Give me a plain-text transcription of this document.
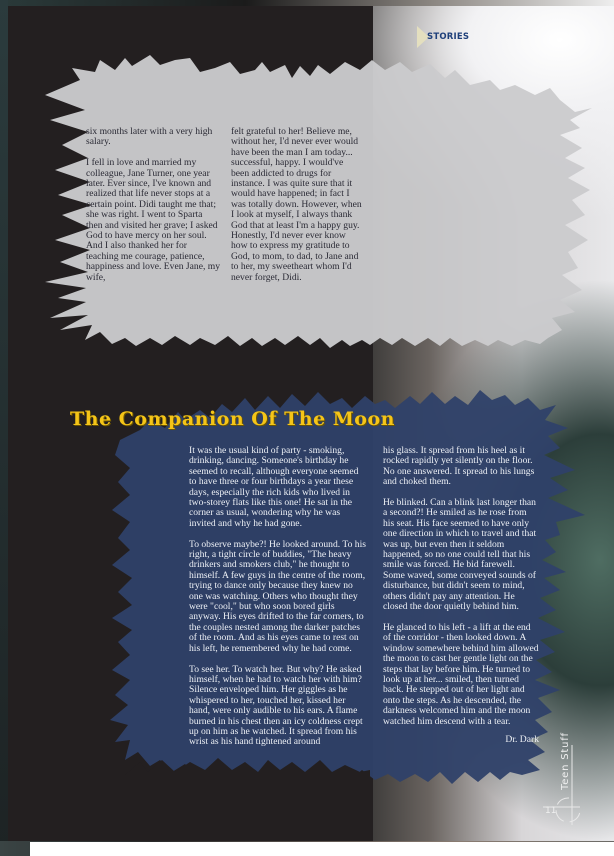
STORIES

six months later with a very high salary.

I fell in love and married my colleague, Jane Turner, one year later. Ever since, I've known and realized that life never stops at a certain point. Didi taught me that; she was right. I went to Sparta then and visited her grave; I asked God to have mercy on her soul. And I also thanked her for teaching me courage, patience, happiness and love. Even Jane, my wife,

felt grateful to her! Believe me, without her, I'd never ever would have been the man I am today... successful, happy. I would've been addicted to drugs for instance. I was quite sure that it would have happened; in fact I was totally down. However, when I look at myself, I always thank God that at least I'm a happy guy. Honestly, I'd never ever know how to express my gratitude to God, to mom, to dad, to Jane and to her, my sweetheart whom I'd never forget, Didi.

The Companion Of The Moon

It was the usual kind of party - smoking, drinking, dancing. Someone's birthday he seemed to recall, although everyone seemed to have three or four birthdays a year these days, especially the rich kids who lived in two-storey flats like this one! He sat in the corner as usual, wondering why he was invited and why he had gone.

To observe maybe?! He looked around. To his right, a tight circle of buddies, "The heavy drinkers and smokers club," he thought to himself. A few guys in the centre of the room, trying to dance only because they knew no one was watching. Others who thought they were "cool," but who soon bored girls anyway. His eyes drifted to the far corners, to the couples nested among the darker patches of the room. And as his eyes came to rest on his left, he remembered why he had come.

To see her. To watch her. But why? He asked himself, when he had to watch her with him? Silence enveloped him. Her giggles as he whispered to her, touched her, kissed her hand, were only audible to his ears. A flame burned in his chest then an icy coldness crept up on him as he watched. It spread from his wrist as his hand tightened around

his glass. It spread from his heel as it rocked rapidly yet silently on the floor. No one answered. It spread to his lungs and choked them.

He blinked. Can a blink last longer than a second?! He smiled as he rose from his seat. His face seemed to have only one direction in which to travel and that was up, but even then it seldom happened, so no one could tell that his smile was forced. He bid farewell. Some waved, some conveyed sounds of disturbance, but didn't seem to mind, others didn't pay any attention. He closed the door quietly behind him.

He glanced to his left - a lift at the end of the corridor - then looked down. A window somewhere behind him allowed the moon to cast her gentle light on the steps that lay before him. He turned to look up at her... smiled, then turned back. He stepped out of her light and onto the steps. As he descended, the darkness welcomed him and the moon watched him descend with a tear.

Dr. Dark Teen Stuff
11
